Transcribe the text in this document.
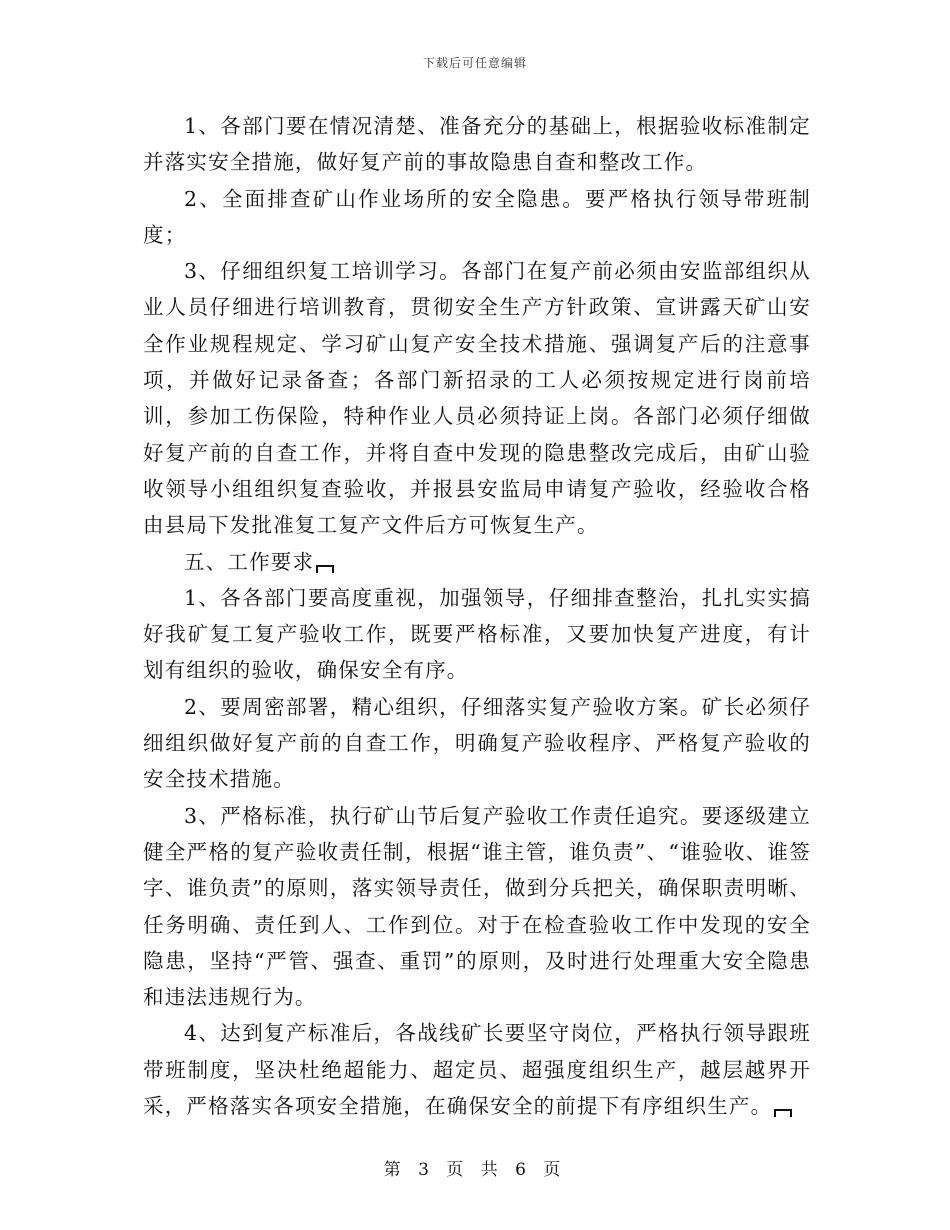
下载后可任意编辑

1、各部门要在情况清楚、准备充分的基础上，根据验收标准制定并落实安全措施，做好复产前的事故隐患自查和整改工作。

2、全面排查矿山作业场所的安全隐患。要严格执行领导带班制度；

3、仔细组织复工培训学习。各部门在复产前必须由安监部组织从业人员仔细进行培训教育，贯彻安全生产方针政策、宣讲露天矿山安全作业规程规定、学习矿山复产安全技术措施、强调复产后的注意事项，并做好记录备查；各部门新招录的工人必须按规定进行岗前培训，参加工伤保险，特种作业人员必须持证上岗。各部门必须仔细做好复产前的自查工作，并将自查中发现的隐患整改完成后，由矿山验收领导小组组织复查验收，并报县安监局申请复产验收，经验收合格由县局下发批准复工复产文件后方可恢复生产。

五、工作要求

1、各各部门要高度重视，加强领导，仔细排查整治，扎扎实实搞好我矿复工复产验收工作，既要严格标准，又要加快复产进度，有计划有组织的验收，确保安全有序。

2、要周密部署，精心组织，仔细落实复产验收方案。矿长必须仔细组织做好复产前的自查工作，明确复产验收程序、严格复产验收的安全技术措施。

3、严格标准，执行矿山节后复产验收工作责任追究。要逐级建立健全严格的复产验收责任制，根据“谁主管，谁负责”、“谁验收、谁签字、谁负责”的原则，落实领导责任，做到分兵把关，确保职责明晰、任务明确、责任到人、工作到位。对于在检查验收工作中发现的安全隐患，坚持“严管、强查、重罚”的原则，及时进行处理重大安全隐患和违法违规行为。

4、达到复产标准后，各战线矿长要坚守岗位，严格执行领导跟班带班制度，坚决杜绝超能力、超定员、超强度组织生产，越层越界开采，严格落实各项安全措施，在确保安全的前提下有序组织生产。

第 3 页 共 6 页
